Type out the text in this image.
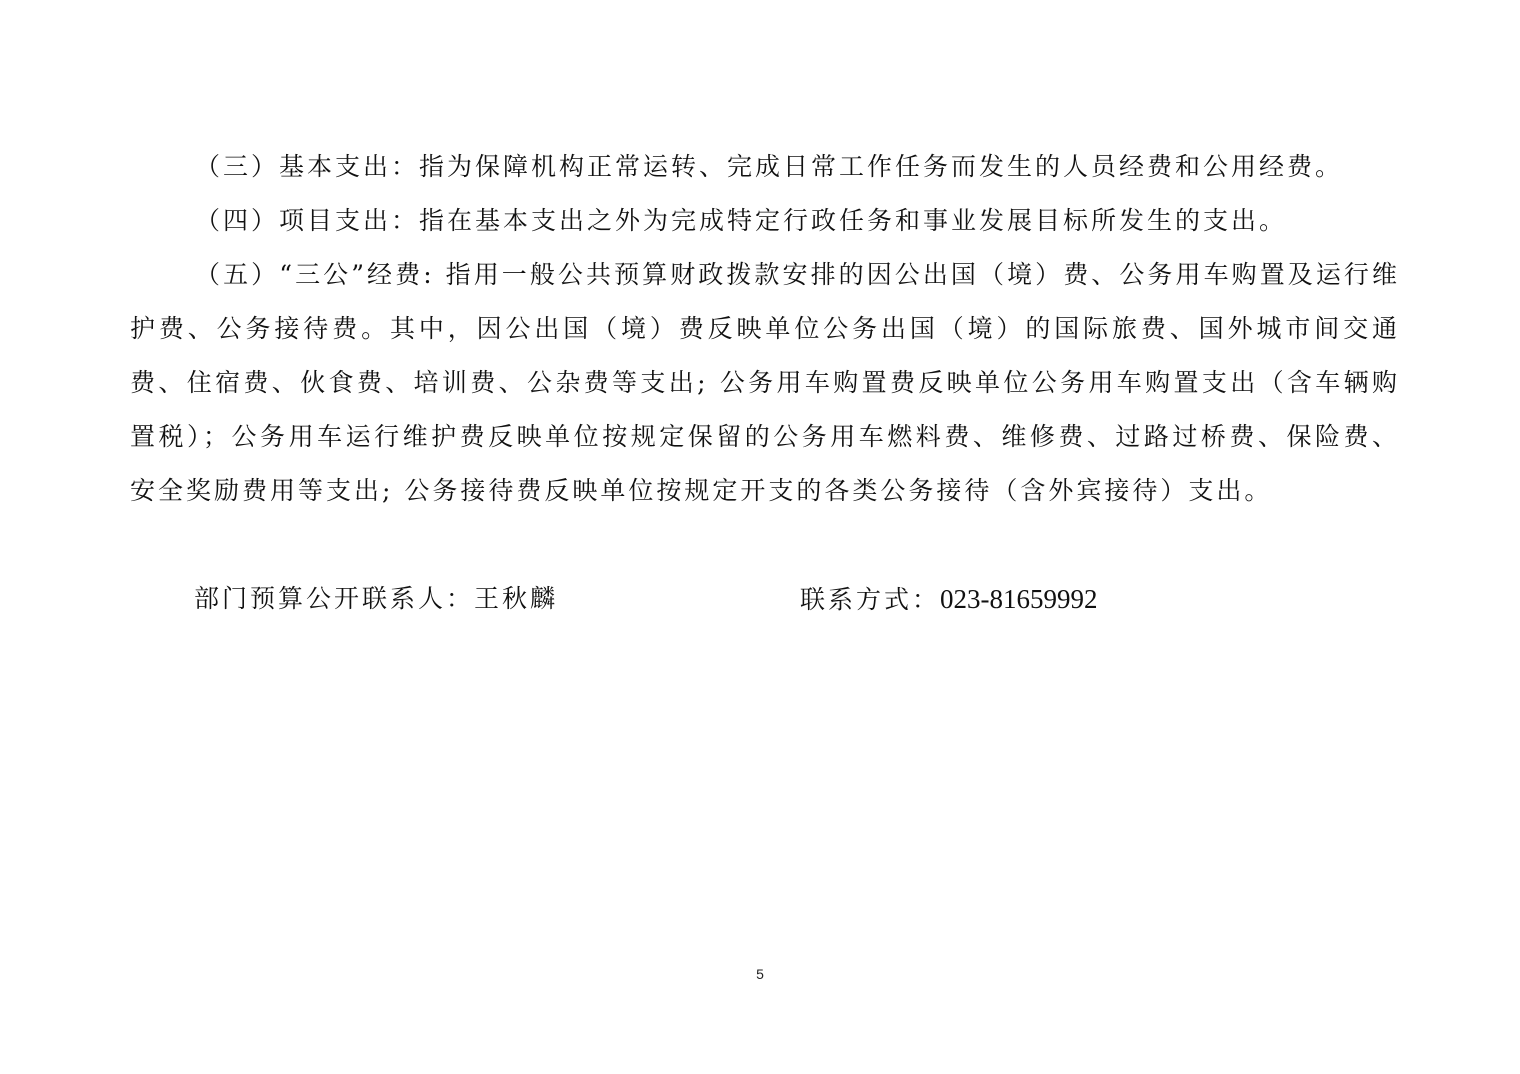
（三）基本支出：指为保障机构正常运转、完成日常工作任务而发生的人员经费和公用经费。

（四）项目支出：指在基本支出之外为完成特定行政任务和事业发展目标所发生的支出。

（五）“三公”经费: 指用一般公共预算财政拨款安排的因公出国（境）费、公务用车购置及运行维护费、公务接待费。其中，因公出国（境）费反映单位公务出国（境）的国际旅费、国外城市间交通费、住宿费、伙食费、培训费、公杂费等支出; 公务用车购置费反映单位公务用车购置支出（含车辆购置税）；公务用车运行维护费反映单位按规定保留的公务用车燃料费、维修费、过路过桥费、保险费、安全奖励费用等支出; 公务接待费反映单位按规定开支的各类公务接待（含外宾接待）支出。

部门预算公开联系人：王秋麟	联系方式：023-81659992
5
